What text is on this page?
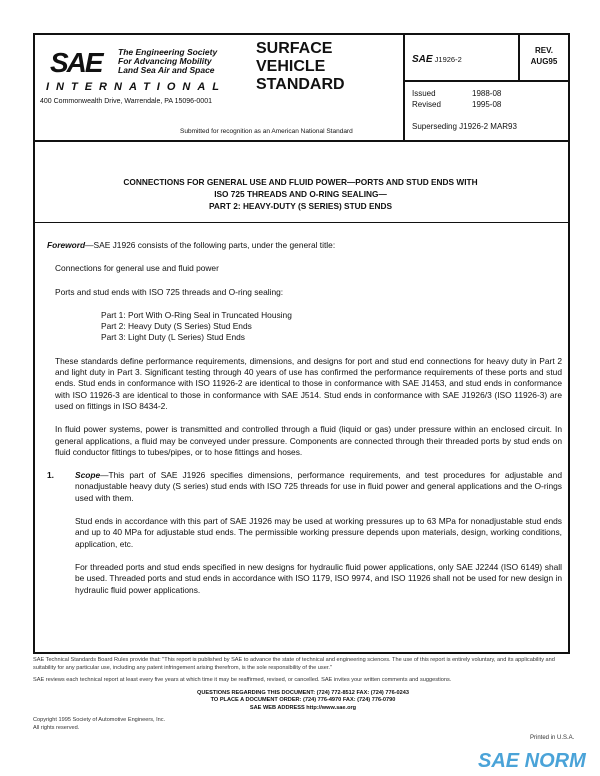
SAE The Engineering Society
For Advancing Mobility
Land Sea Air and Space
INTERNATIONAL
400 Commonwealth Drive, Warrendale, PA 15096-0001
SURFACE
VEHICLE
STANDARD
Submitted for recognition as an American National Standard
SAE J1926-2
REV.
AUG95
Issued	1988-08
Revised	1995-08
Superseding J1926-2 MAR93
CONNECTIONS FOR GENERAL USE AND FLUID POWER—PORTS AND STUD ENDS WITH
ISO 725 THREADS AND O-RING SEALING—
PART 2: HEAVY-DUTY (S SERIES) STUD ENDS
Foreword—SAE J1926 consists of the following parts, under the general title:
Connections for general use and fluid power
Ports and stud ends with ISO 725 threads and O-ring sealing:
Part 1: Port With O-Ring Seal in Truncated Housing
Part 2: Heavy Duty (S Series) Stud Ends
Part 3: Light Duty (L Series) Stud Ends
These standards define performance requirements, dimensions, and designs for port and stud end connections for heavy duty in Part 2 and light duty in Part 3. Significant testing through 40 years of use has confirmed the performance requirements of these ports and stud ends. Stud ends in conformance with ISO 11926-2 are identical to those in conformance with SAE J1453, and stud ends in conformance with ISO 11926-3 are identical to those in conformance with SAE J514. Stud ends in conformance with SAE J1926/3 (ISO 11926-3) are used on fittings in ISO 8434-2.
In fluid power systems, power is transmitted and controlled through a fluid (liquid or gas) under pressure within an enclosed circuit. In general applications, a fluid may be conveyed under pressure. Components are connected through their threaded ports by stud ends on fluid conductor fittings to tubes/pipes, or to hose fittings and hoses.
1.	Scope—This part of SAE J1926 specifies dimensions, performance requirements, and test procedures for adjustable and nonadjustable heavy duty (S series) stud ends with ISO 725 threads for use in fluid power and general applications and the O-rings used with them.
Stud ends in accordance with this part of SAE J1926 may be used at working pressures up to 63 MPa for nonadjustable stud ends and up to 40 MPa for adjustable stud ends. The permissible working pressure depends upon materials, design, working conditions, application, etc.
For threaded ports and stud ends specified in new designs for hydraulic fluid power applications, only SAE J2244 (ISO 6149) shall be used. Threaded ports and stud ends in accordance with ISO 1179, ISO 9974, and ISO 11926 shall not be used for new design in hydraulic fluid power applications.
SAE Technical Standards Board Rules provide that: "This report is published by SAE to advance the state of technical and engineering sciences. The use of this report is entirely voluntary, and its applicability and suitability for any particular use, including any patent infringement arising therefrom, is the sole responsibility of the user."
SAE reviews each technical report at least every five years at which time it may be reaffirmed, revised, or cancelled. SAE invites your written comments and suggestions.
QUESTIONS REGARDING THIS DOCUMENT: (724) 772-8512 FAX: (724) 776-0243
TO PLACE A DOCUMENT ORDER: (724) 776-4970 FAX: (724) 776-0790
SAE WEB ADDRESS http://www.sae.org
Copyright 1995 Society of Automotive Engineers, Inc.
All rights reserved.
Printed in U.S.A.
SAE NORM
